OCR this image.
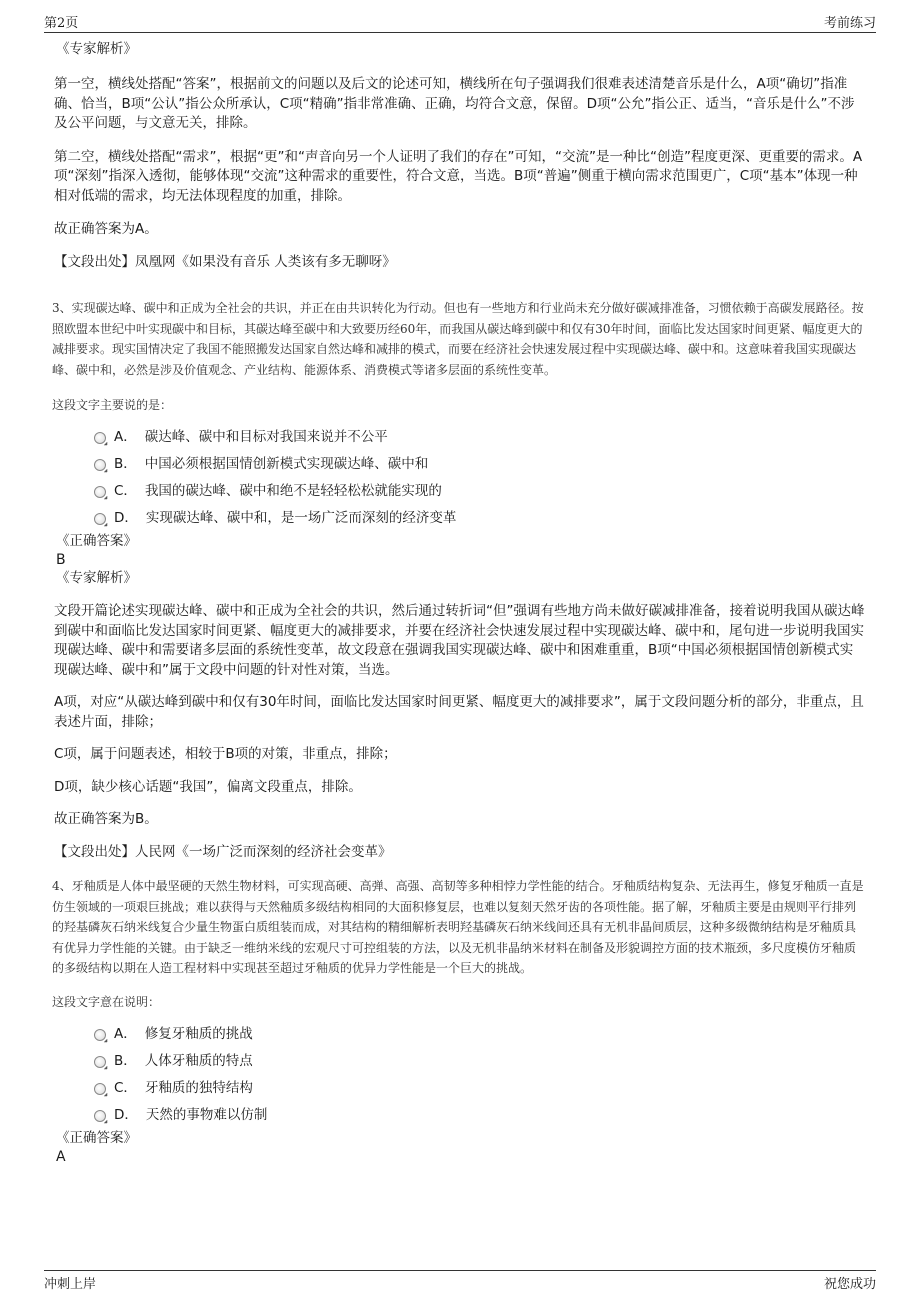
第2页	考前练习

《专家解析》

第一空，横线处搭配“答案”，根据前文的问题以及后文的论述可知，横线所在句子强调我们很难表述清楚音乐是什么，A项“确切”指准确、恰当，B项“公认”指公众所承认，C项“精确”指非常准确、正确，均符合文意，保留。D项“公允”指公正、适当，“音乐是什么”不涉及公平问题，与文意无关，排除。

第二空，横线处搭配“需求”，根据“更”和“声音向另一个人证明了我们的存在”可知，“交流”是一种比“创造”程度更深、更重要的需求。A项“深刻”指深入透彻，能够体现“交流”这种需求的重要性，符合文意，当选。B项“普遍”侧重于横向需求范围更广，C项“基本”体现一种相对低端的需求，均无法体现程度的加重，排除。

故正确答案为A。

【文段出处】凤凰网《如果没有音乐 人类该有多无聊呀》

3、实现碳达峰、碳中和正成为全社会的共识，并正在由共识转化为行动。但也有一些地方和行业尚未充分做好碳减排准备，习惯依赖于高碳发展路径。按照欧盟本世纪中叶实现碳中和目标，其碳达峰至碳中和大致要历经60年，而我国从碳达峰到碳中和仅有30年时间，面临比发达国家时间更紧、幅度更大的减排要求。现实国情决定了我国不能照搬发达国家自然达峰和减排的模式，而要在经济社会快速发展过程中实现碳达峰、碳中和。这意味着我国实现碳达峰、碳中和，必然是涉及价值观念、产业结构、能源体系、消费模式等诸多层面的系统性变革。

这段文字主要说的是：

A． 碳达峰、碳中和目标对我国来说并不公平
B． 中国必须根据国情创新模式实现碳达峰、碳中和
C． 我国的碳达峰、碳中和绝不是轻轻松松就能实现的
D． 实现碳达峰、碳中和，是一场广泛而深刻的经济变革

《正确答案》

B

《专家解析》

文段开篇论述实现碳达峰、碳中和正成为全社会的共识，然后通过转折词“但”强调有些地方尚未做好碳减排准备，接着说明我国从碳达峰到碳中和面临比发达国家时间更紧、幅度更大的减排要求，并要在经济社会快速发展过程中实现碳达峰、碳中和，尾句进一步说明我国实现碳达峰、碳中和需要诸多层面的系统性变革，故文段意在强调我国实现碳达峰、碳中和困难重重，B项“中国必须根据国情创新模式实现碳达峰、碳中和”属于文段中问题的针对性对策，当选。

A项，对应“从碳达峰到碳中和仅有30年时间，面临比发达国家时间更紧、幅度更大的减排要求”，属于文段问题分析的部分，非重点，且表述片面，排除；

C项，属于问题表述，相较于B项的对策，非重点，排除；

D项，缺少核心话题“我国”，偏离文段重点，排除。

故正确答案为B。

【文段出处】人民网《一场广泛而深刻的经济社会变革》

4、牙釉质是人体中最坚硬的天然生物材料，可实现高硬、高弹、高强、高韧等多种相悖力学性能的结合。牙釉质结构复杂、无法再生，修复牙釉质一直是仿生领域的一项艰巨挑战；难以获得与天然釉质多级结构相同的大面积修复层，也难以复刻天然牙齿的各项性能。据了解，牙釉质主要是由规则平行排列的羟基磷灰石纳米线复合少量生物蛋白质组装而成，对其结构的精细解析表明羟基磷灰石纳米线间还具有无机非晶间质层，这种多级微纳结构是牙釉质具有优异力学性能的关键。由于缺乏一维纳米线的宏观尺寸可控组装的方法，以及无机非晶纳米材料在制备及形貌调控方面的技术瓶颈，多尺度模仿牙釉质的多级结构以期在人造工程材料中实现甚至超过牙釉质的优异力学性能是一个巨大的挑战。

这段文字意在说明：

A． 修复牙釉质的挑战
B． 人体牙釉质的特点
C． 牙釉质的独特结构
D． 天然的事物难以仿制

《正确答案》

A

冲刺上岸	祝您成功
